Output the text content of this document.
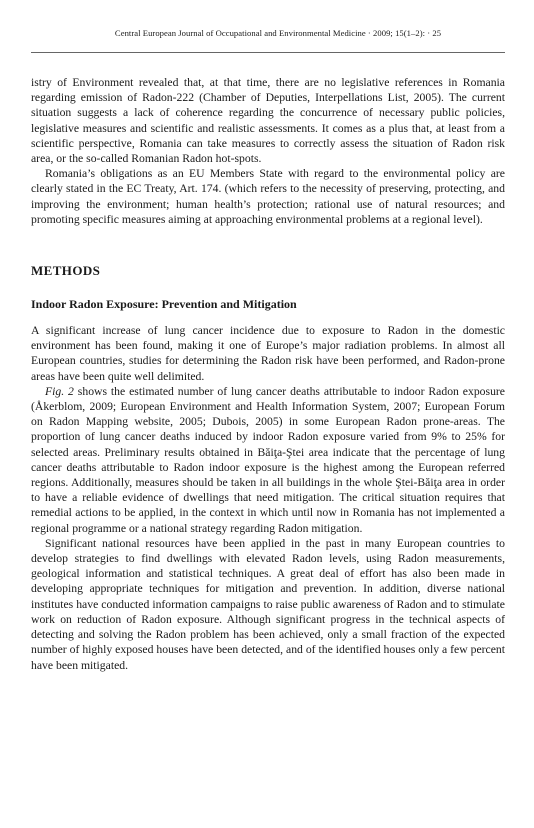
Central European Journal of Occupational and Environmental Medicine · 2009; 15(1–2): · 25

istry of Environment revealed that, at that time, there are no legislative references in Romania regarding emission of Radon-222 (Chamber of Deputies, Interpellations List, 2005). The current situation suggests a lack of coherence regarding the concurrence of necessary public policies, legislative measures and scientific and realistic assessments. It comes as a plus that, at least from a scientific perspective, Romania can take measures to correctly assess the situation of Radon risk area, or the so-called Romanian Radon hot-spots.

Romania’s obligations as an EU Members State with regard to the environmental policy are clearly stated in the EC Treaty, Art. 174. (which refers to the necessity of preserving, protecting, and improving the environment; human health’s protection; rational use of natural resources; and promoting specific measures aiming at approaching environmental problems at a regional level).

METHODS
Indoor Radon Exposure: Prevention and Mitigation

A significant increase of lung cancer incidence due to exposure to Radon in the domestic environment has been found, making it one of Europe’s major radiation problems. In almost all European countries, studies for determining the Radon risk have been performed, and Radon-prone areas have been quite well delimited.

Fig. 2 shows the estimated number of lung cancer deaths attributable to indoor Radon exposure (Åkerblom, 2009; European Environment and Health Information System, 2007; European Forum on Radon Mapping website, 2005; Dubois, 2005) in some European Radon prone-areas. The proportion of lung cancer deaths induced by indoor Radon exposure varied from 9% to 25% for selected areas. Preliminary results obtained in Băiţa-Ştei area indicate that the percentage of lung cancer deaths attributable to Radon indoor exposure is the highest among the European referred regions. Additionally, measures should be taken in all buildings in the whole Ştei-Băiţa area in order to have a reliable evidence of dwellings that need mitigation. The critical situation requires that remedial actions to be applied, in the context in which until now in Romania has not implemented a regional programme or a national strategy regarding Radon mitigation.

Significant national resources have been applied in the past in many European countries to develop strategies to find dwellings with elevated Radon levels, using Radon measurements, geological information and statistical techniques. A great deal of effort has also been made in developing appropriate techniques for mitigation and prevention. In addition, diverse national institutes have conducted information campaigns to raise public awareness of Radon and to stimulate work on reduction of Radon exposure. Although significant progress in the technical aspects of detecting and solving the Radon problem has been achieved, only a small fraction of the expected number of highly exposed houses have been detected, and of the identified houses only a few percent have been mitigated.
